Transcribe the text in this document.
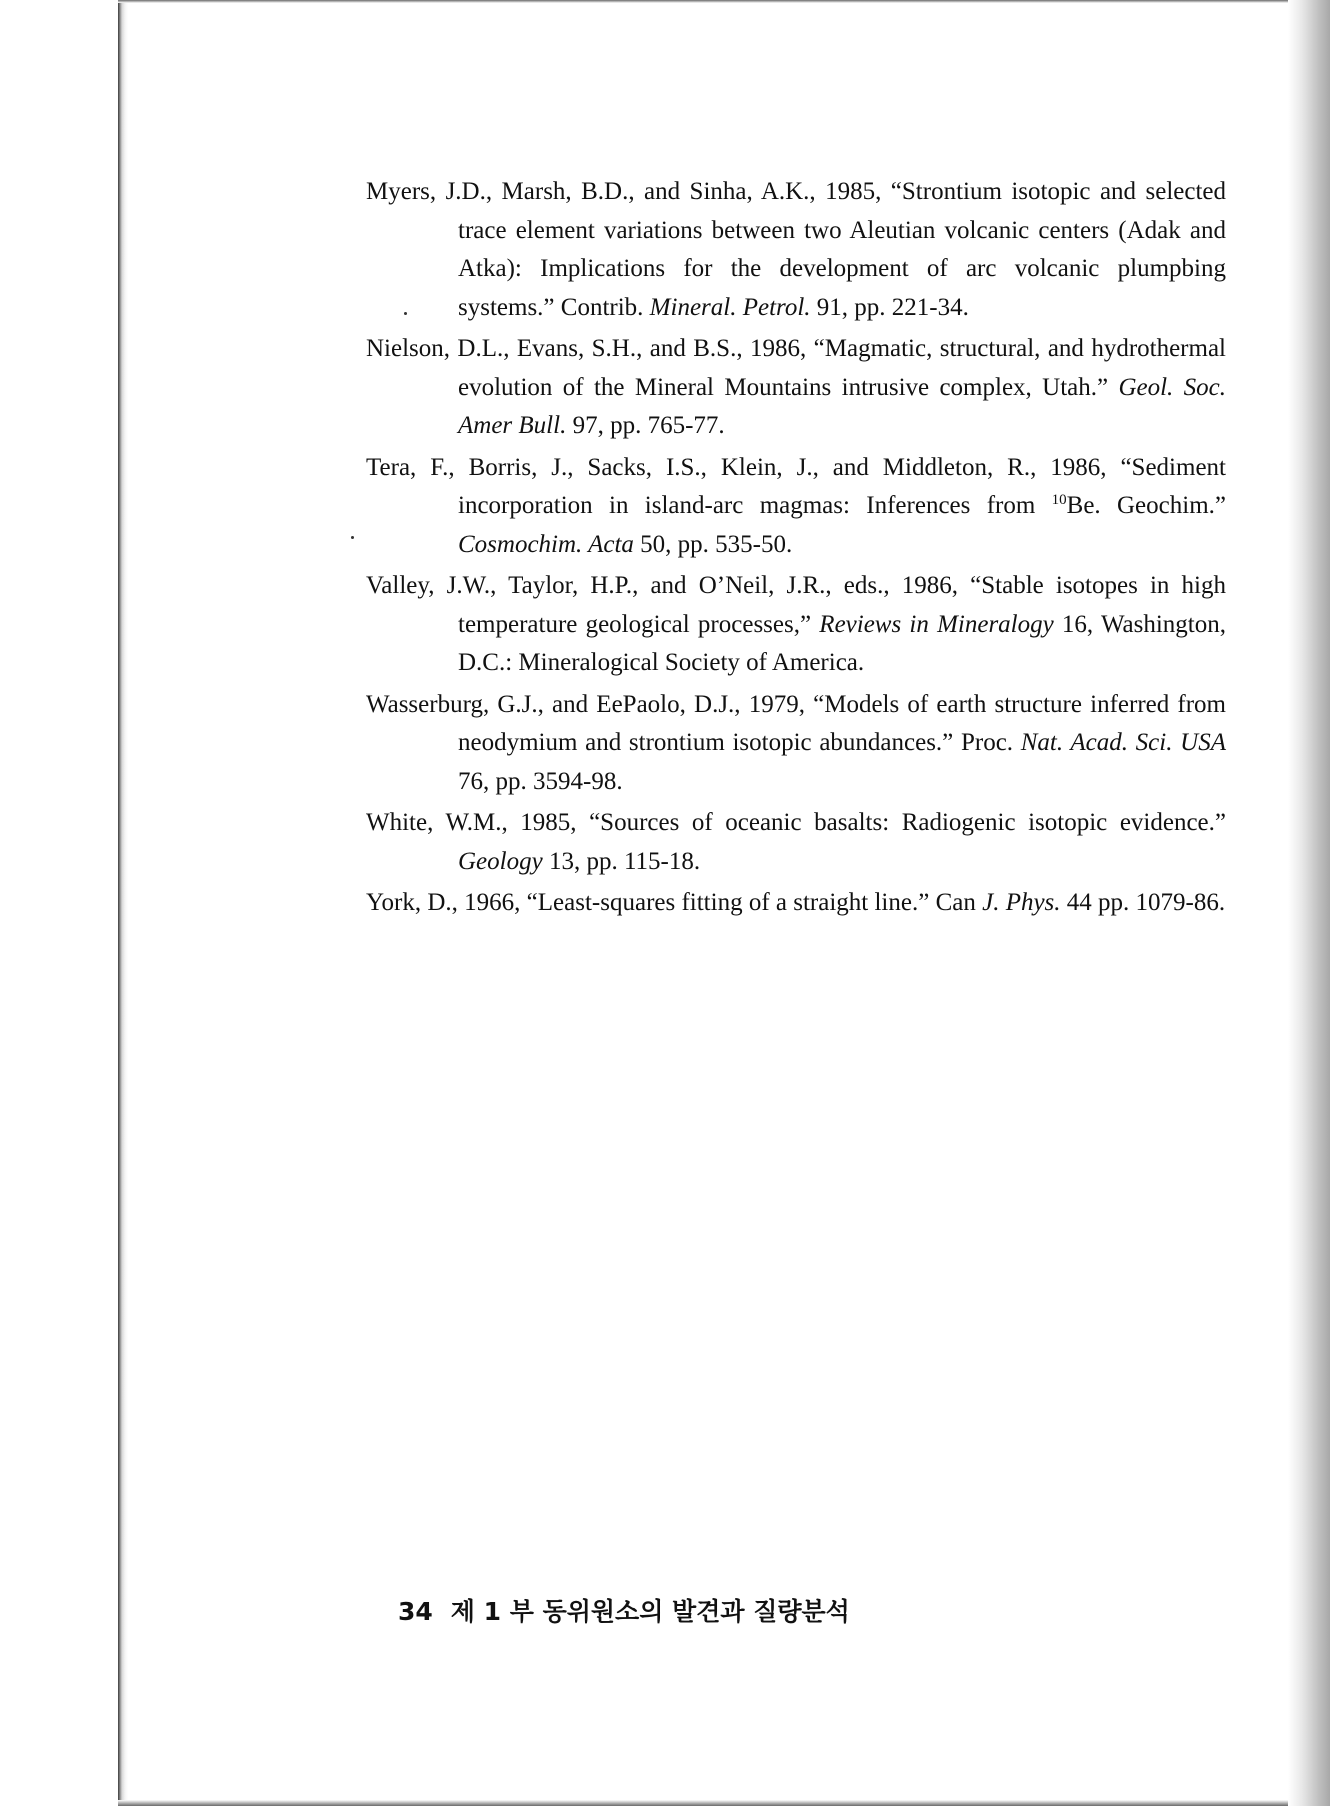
Myers, J.D., Marsh, B.D., and Sinha, A.K., 1985, “Strontium isotopic and selected trace element variations between two Aleutian volcanic centers (Adak and Atka): Implications for the development of arc volcanic plumpbing systems.” Contrib. Mineral. Petrol. 91, pp. 221-34.

Nielson, D.L., Evans, S.H., and B.S., 1986, “Magmatic, structural, and hydrothermal evolution of the Mineral Mountains intrusive complex, Utah.” Geol. Soc. Amer Bull. 97, pp. 765-77.

Tera, F., Borris, J., Sacks, I.S., Klein, J., and Middleton, R., 1986, “Sediment incorporation in island-arc magmas: Inferences from $^{10}$Be. Geochim.” Cosmochim. Acta 50, pp. 535-50.

Valley, J.W., Taylor, H.P., and O’Neil, J.R., eds., 1986, “Stable isotopes in high temperature geological processes,” Reviews in Mineralogy 16, Washington, D.C.: Mineralogical Society of America.

Wasserburg, G.J., and EePaolo, D.J., 1979, “Models of earth structure inferred from neodymium and strontium isotopic abundances.” Proc. Nat. Acad. Sci. USA 76, pp. 3594-98.

White, W.M., 1985, “Sources of oceanic basalts: Radiogenic isotopic evidence.” Geology 13, pp. 115-18.

York, D., 1966, “Least-squares fitting of a straight line.” Can J. Phys. 44 pp. 1079-86.

34 제 1 부 동위원소의 발견과 질량분석
